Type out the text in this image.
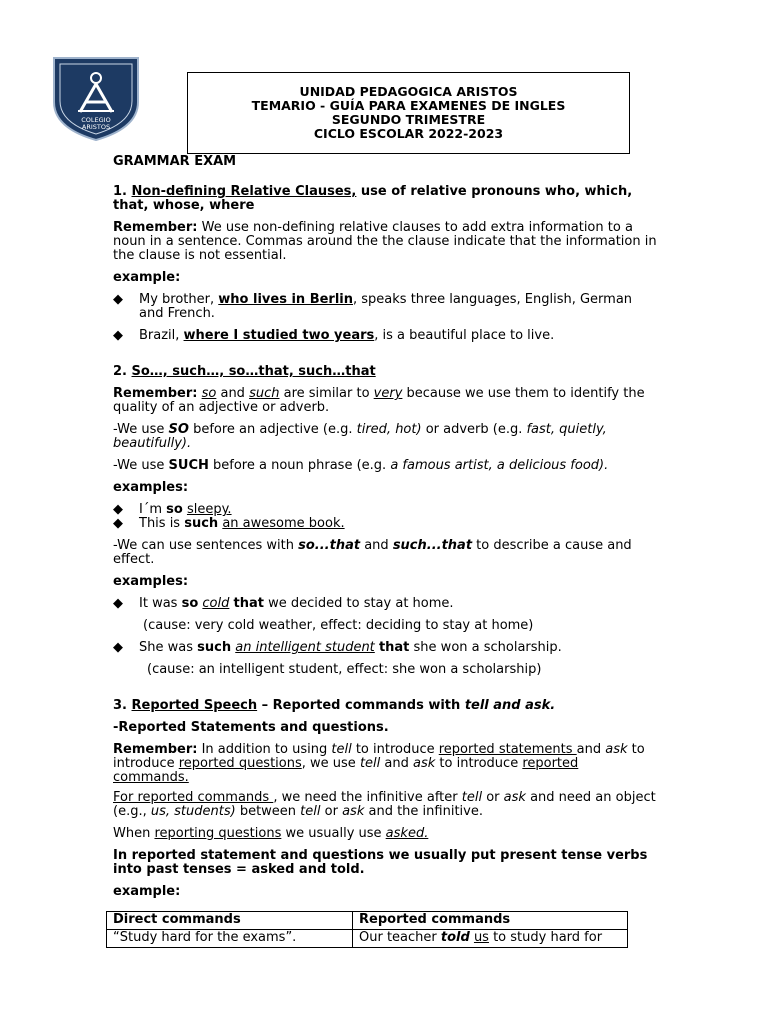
COLEGIO
ARISTOS
UNIDAD PEDAGOGICA ARISTOS
TEMARIO - GUÍA PARA EXAMENES DE INGLES
SEGUNDO TRIMESTRE
CICLO ESCOLAR 2022-2023

GRAMMAR EXAM

1. Non-defining Relative Clauses, use of relative pronouns who, which, that, whose, where

Remember: We use non-defining relative clauses to add extra information to a noun in a sentence. Commas around the the clause indicate that the information in the clause is not essential.

example:

◆ My brother, who lives in Berlin, speaks three languages, English, German and French.

◆ Brazil, where I studied two years, is a beautiful place to live.

2. So…, such…, so…that, such…that

Remember: so and such are similar to very because we use them to identify the quality of an adjective or adverb.

-We use SO before an adjective (e.g. tired, hot) or adverb (e.g. fast, quietly, beautifully).

-We use SUCH before a noun phrase (e.g. a famous artist, a delicious food).

examples:

◆ I´m so sleepy.

◆ This is such an awesome book.

-We can use sentences with so...that and such...that to describe a cause and effect.

examples:

◆ It was so cold that we decided to stay at home.

(cause: very cold weather, effect: deciding to stay at home)

◆ She was such an intelligent student that she won a scholarship.

(cause: an intelligent student, effect: she won a scholarship)

3. Reported Speech – Reported commands with tell and ask.

-Reported Statements and questions.

Remember: In addition to using tell to introduce reported statements and ask to introduce reported questions, we use tell and ask to introduce reported commands.

For reported commands , we need the infinitive after tell or ask and need an object (e.g., us, students) between tell or ask and the infinitive.

When reporting questions we usually use asked.

In reported statement and questions we usually put present tense verbs into past tenses = asked and told.

example:

Direct commands	Reported commands
“Study hard for the exams”.	Our teacher told us to study hard for
